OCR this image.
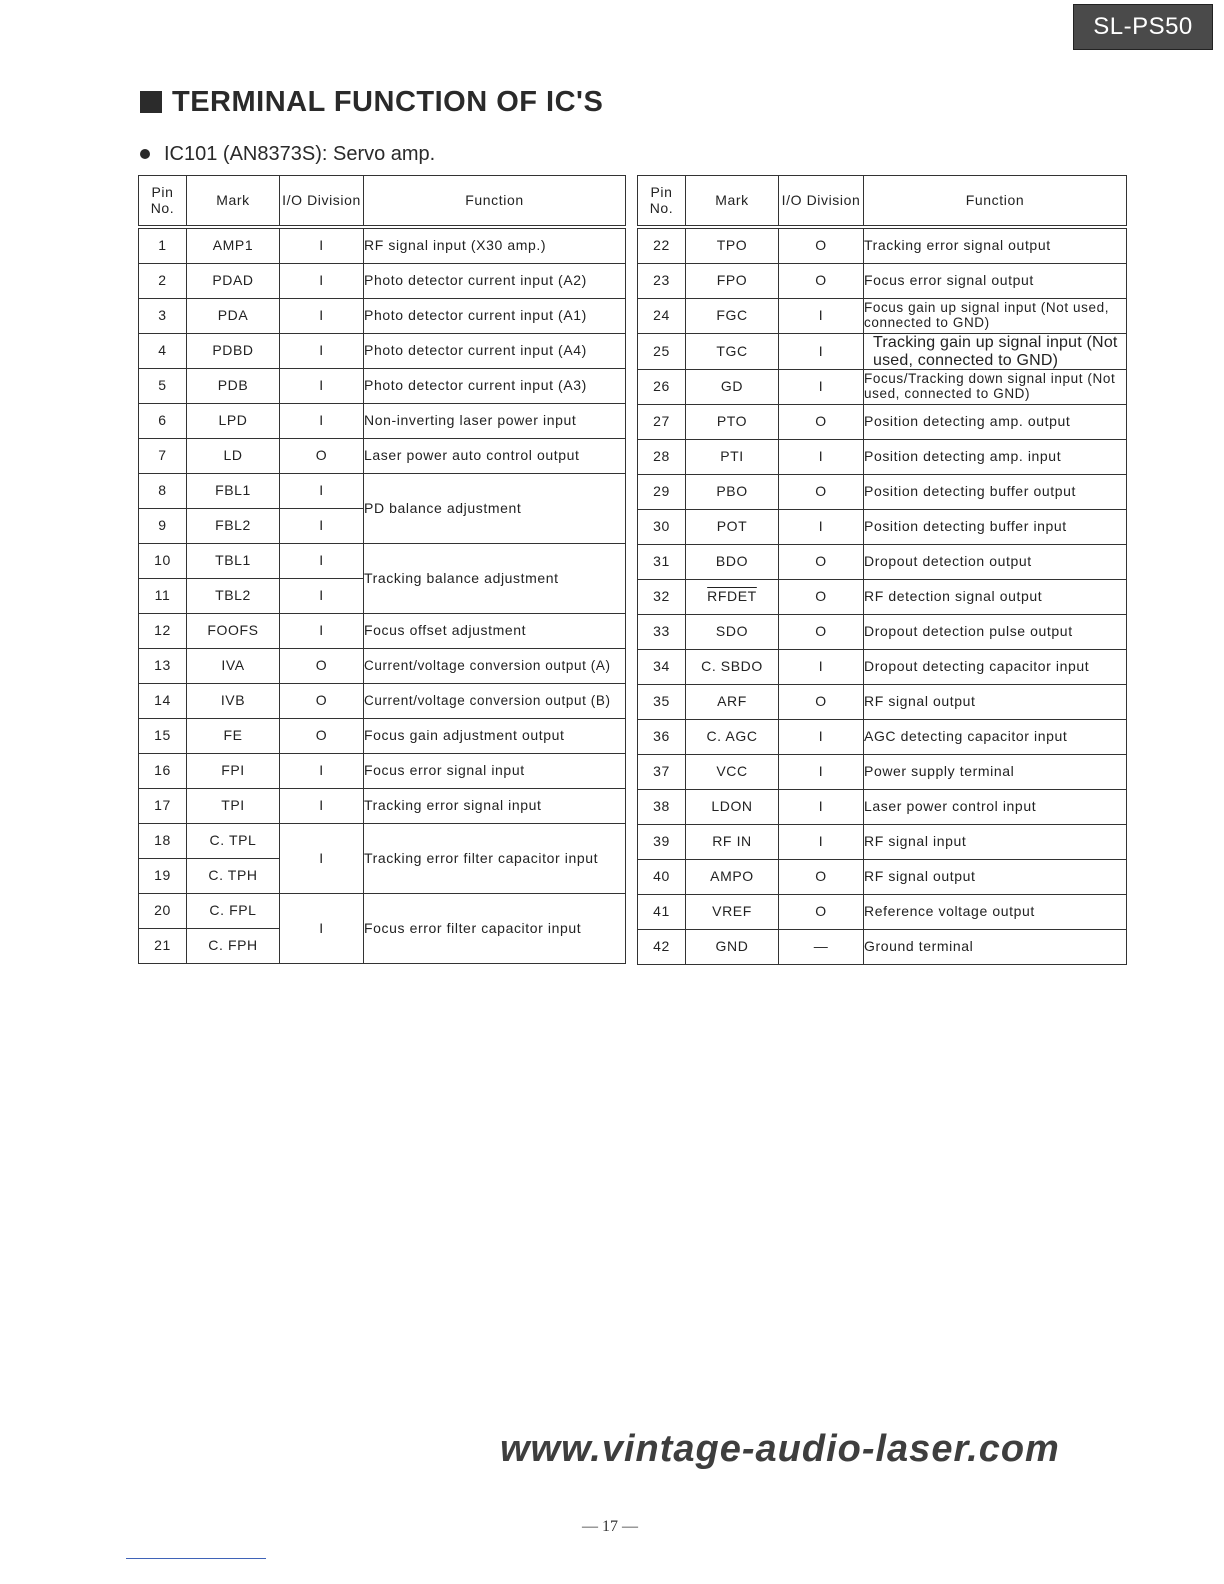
SL-PS50
TERMINAL FUNCTION OF IC'S
IC101 (AN8373S): Servo amp.
Pin No.	Mark	I/O Division	Function
1	AMP1	I	RF signal input (X30 amp.)
2	PDAD	I	Photo detector current input (A2)
3	PDA	I	Photo detector current input (A1)
4	PDBD	I	Photo detector current input (A4)
5	PDB	I	Photo detector current input (A3)
6	LPD	I	Non-inverting laser power input
7	LD	O	Laser power auto control output
8	FBL1	I	PD balance adjustment
9	FBL2	I	
10	TBL1	I	Tracking balance adjustment
11	TBL2	I	
12	FOOFS	I	Focus offset adjustment
13	IVA	O	Current/voltage conversion output (A)
14	IVB	O	Current/voltage conversion output (B)
15	FE	O	Focus gain adjustment output
16	FPI	I	Focus error signal input
17	TPI	I	Tracking error signal input
18	C. TPL	I	Tracking error filter capacitor input
19	C. TPH		
20	C. FPL	I	Focus error filter capacitor input
21	C. FPH		
Pin No.	Mark	I/O Division	Function
22	TPO	O	Tracking error signal output
23	FPO	O	Focus error signal output
24	FGC	I	Focus gain up signal input (Not used, connected to GND)
25	TGC	I	Tracking gain up signal input (Not used, connected to GND)
26	GD	I	Focus/Tracking down signal input (Not used, connected to GND)
27	PTO	O	Position detecting amp. output
28	PTI	I	Position detecting amp. input
29	PBO	O	Position detecting buffer output
30	POT	I	Position detecting buffer input
31	BDO	O	Dropout detection output
32	RFDET	O	RF detection signal output
33	SDO	O	Dropout detection pulse output
34	C. SBDO	I	Dropout detecting capacitor input
35	ARF	O	RF signal output
36	C. AGC	I	AGC detecting capacitor input
37	VCC	I	Power supply terminal
38	LDON	I	Laser power control input
39	RF IN	I	RF signal input
40	AMPO	O	RF signal output
41	VREF	O	Reference voltage output
42	GND	—	Ground terminal
www.vintage-audio-laser.com
— 17 —
